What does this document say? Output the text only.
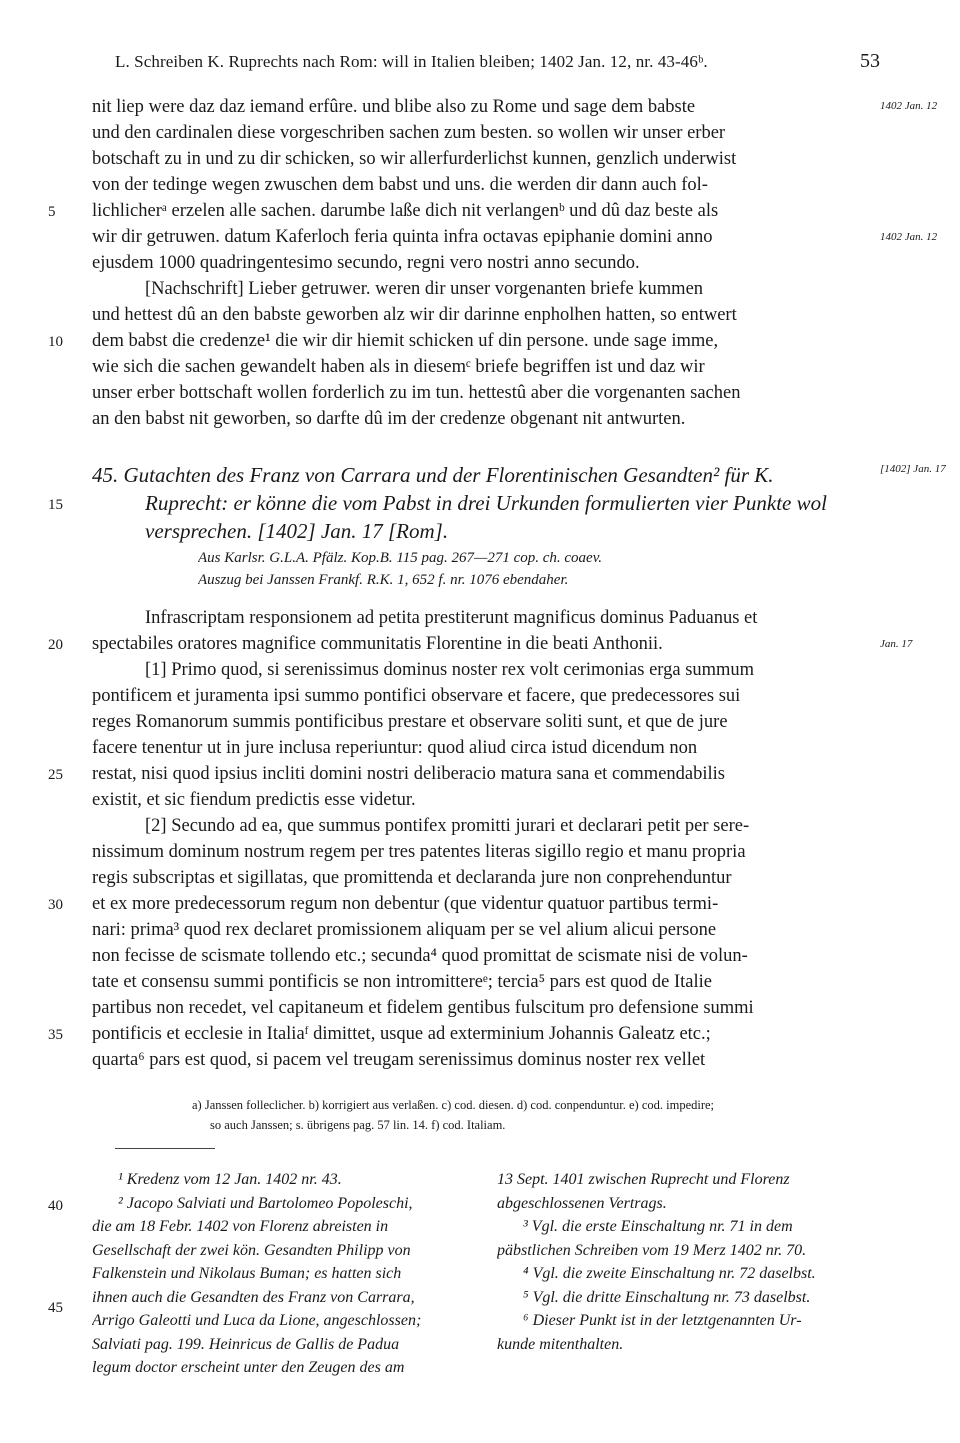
L. Schreiben K. Ruprechts nach Rom: will in Italien bleiben; 1402 Jan. 12, nr. 43-46ᵇ.	53
nit liep were daz daz iemand erfûre. und blibe also zu Rome und sage dem babste
und den cardinalen diese vorgeschriben sachen zum besten. so wollen wir unser erber
botschaft zu in und zu dir schicken, so wir allerfurderlichst kunnen, genzlich underwist
von der tedinge wegen zwuschen dem babst und uns. die werden dir dann auch fol-
lichlicherᵃ erzelen alle sachen. darumbe laße dich nit verlangenᵇ und dû daz beste als
wir dir getruwen. datum Kaferloch feria quinta infra octavas epiphanie domini anno
ejusdem 1000 quadringentesimo secundo, regni vero nostri anno secundo.
[Nachschrift] Lieber getruwer. weren dir unser vorgenanten briefe kummen
und hettest dû an den babste geworben alz wir dir darinne enpholhen hatten, so entwert
dem babst die credenze¹ die wir dir hiemit schicken uf din persone. unde sage imme,
wie sich die sachen gewandelt haben als in diesemᶜ briefe begriffen ist und daz wir
unser erber bottschaft wollen forderlich zu im tun. hettestû aber die vorgenanten sachen
an den babst nit geworben, so darfte dû im der credenze obgenant nit antwurten.
45. Gutachten des Franz von Carrara und der Florentinischen Gesandten² für K.
Ruprecht: er könne die vom Pabst in drei Urkunden formulierten vier Punkte wol
versprechen. [1402] Jan. 17 [Rom].
Aus Karlsr. G.L.A. Pfälz. Kop.B. 115 pag. 267—271 cop. ch. coaev.
Auszug bei Janssen Frankf. R.K. 1, 652 f. nr. 1076 ebendaher.
Infrascriptam responsionem ad petita prestiterunt magnificus dominus Paduanus et
spectabiles oratores magnifice communitatis Florentine in die beati Anthonii.
[1] Primo quod, si serenissimus dominus noster rex volt cerimonias erga summum
pontificem et juramenta ipsi summo pontifici observare et facere, que predecessores sui
reges Romanorum summis pontificibus prestare et observare soliti sunt, et que de jure
facere tenentur ut in jure inclusa reperiuntur: quod aliud circa istud dicendum non
restat, nisi quod ipsius incliti domini nostri deliberacio matura sana et commendabilis
existit, et sic fiendum predictis esse videtur.
[2] Secundo ad ea, que summus pontifex promitti jurari et declarari petit per sere-
nissimum dominum nostrum regem per tres patentes literas sigillo regio et manu propria
regis subscriptas et sigillatas, que promittenda et declaranda jure non conprehenduntur
et ex more predecessorum regum non debentur (que videntur quatuor partibus termi-
nari: prima³ quod rex declaret promissionem aliquam per se vel alium alicui persone
non fecisse de scismate tollendo etc.; secunda⁴ quod promittat de scismate nisi de volun-
tate et consensu summi pontificis se non intromittereᵉ; tercia⁵ pars est quod de Italie
partibus non recedet, vel capitaneum et fidelem gentibus fulscitum pro defensione summi
pontificis et ecclesie in Italiaᶠ dimittet, usque ad exterminium Johannis Galeatz etc.;
quarta⁶ pars est quod, si pacem vel treugam serenissimus dominus noster rex vellet
1402 Jan. 12
1402 Jan. 12
[1402] Jan. 17
Jan. 17
5
10
15
20
25
30
35
40
45
a) Janssen folleclicher. b) korrigiert aus verlaßen. c) cod. diesen. d) cod. conpenduntur. e) cod. impedire;
so auch Janssen; s. übrigens pag. 57 lin. 14. f) cod. Italiam.

¹ Kredenz vom 12 Jan. 1402 nr. 43.

² Jacopo Salviati und Bartolomeo Popoleschi,

die am 18 Febr. 1402 von Florenz abreisten in

Gesellschaft der zwei kön. Gesandten Philipp von

Falkenstein und Nikolaus Buman; es hatten sich

ihnen auch die Gesandten des Franz von Carrara,

Arrigo Galeotti und Luca da Lione, angeschlossen;

Salviati pag. 199. Heinricus de Gallis de Padua

legum doctor erscheint unter den Zeugen des am

13 Sept. 1401 zwischen Ruprecht und Florenz

abgeschlossenen Vertrags.

³ Vgl. die erste Einschaltung nr. 71 in dem

päbstlichen Schreiben vom 19 Merz 1402 nr. 70.

⁴ Vgl. die zweite Einschaltung nr. 72 daselbst.

⁵ Vgl. die dritte Einschaltung nr. 73 daselbst.

⁶ Dieser Punkt ist in der letztgenannten Ur-

kunde mitenthalten.
